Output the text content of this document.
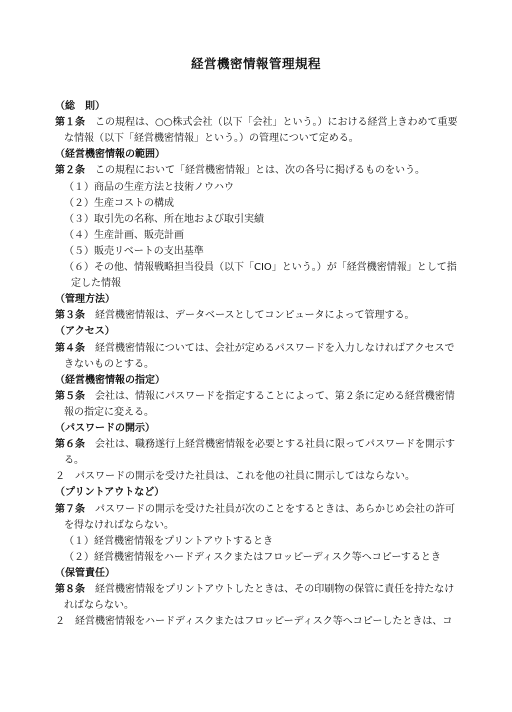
経営機密情報管理規程
（総　則）
第１条　この規程は、○○株式会社（以下「会社」という。）における経営上きわめて重要
な情報（以下「経営機密情報」という。）の管理について定める。
（経営機密情報の範囲）
第２条　この規程において「経営機密情報」とは、次の各号に掲げるものをいう。
（１）商品の生産方法と技術ノウハウ
（２）生産コストの構成
（３）取引先の名称、所在地および取引実績
（４）生産計画、販売計画
（５）販売リベートの支出基準
（６）その他、情報戦略担当役員（以下「CIO」という。）が「経営機密情報」として指
定した情報
（管理方法）
第３条　経営機密情報は、データベースとしてコンピュータによって管理する。
（アクセス）
第４条　経営機密情報については、会社が定めるパスワードを入力しなければアクセスで
きないものとする。
（経営機密情報の指定）
第５条　会社は、情報にパスワードを指定することによって、第２条に定める経営機密情
報の指定に変える。
（パスワードの開示）
第６条　会社は、職務遂行上経営機密情報を必要とする社員に限ってパスワードを開示す
る。
２　パスワードの開示を受けた社員は、これを他の社員に開示してはならない。
（プリントアウトなど）
第７条　パスワードの開示を受けた社員が次のことをするときは、あらかじめ会社の許可
を得なければならない。
（１）経営機密情報をプリントアウトするとき
（２）経営機密情報をハードディスクまたはフロッピーディスク等へコピーするとき
（保管責任）
第８条　経営機密情報をプリントアウトしたときは、その印刷物の保管に責任を持たなけ
ればならない。
２　経営機密情報をハードディスクまたはフロッピーディスク等へコピーしたときは、コ
